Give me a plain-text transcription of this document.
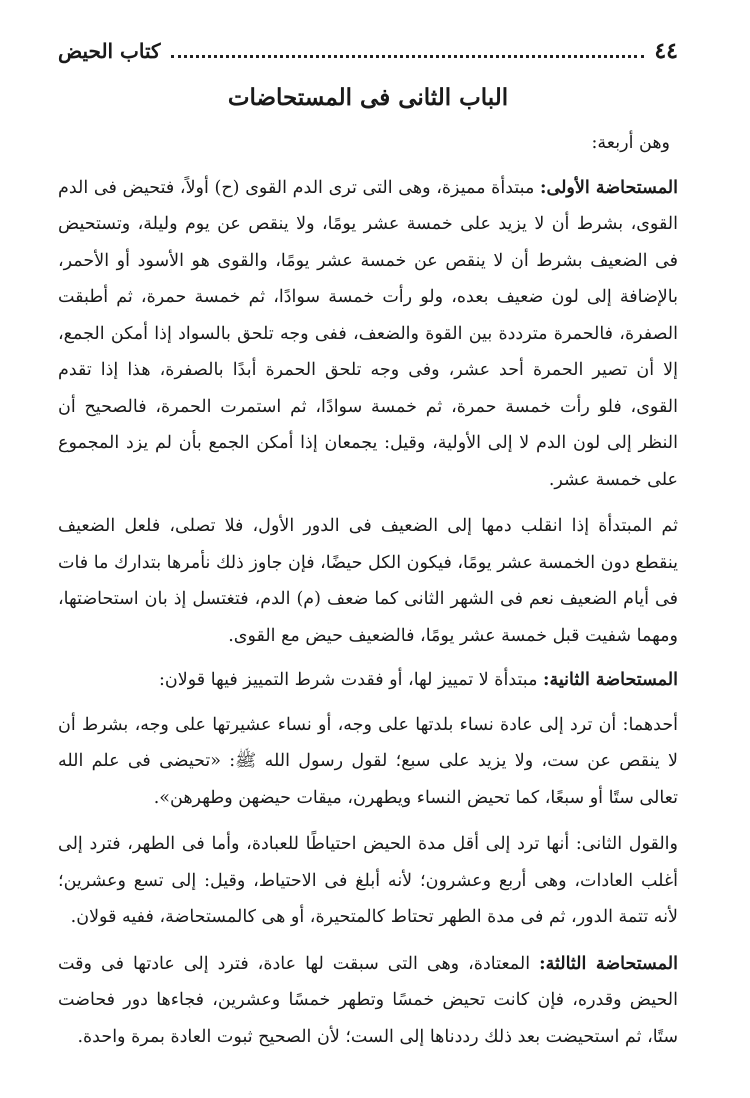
٤٤
كتاب الحيض
الباب الثانى فى المستحاضات

وهن أربعة:

المستحاضة الأولى: مبتدأة مميزة، وهى التى ترى الدم القوى (ح) أولاً، فتحيض فى الدم القوى، بشرط أن لا يزيد على خمسة عشر يومًا، ولا ينقص عن يوم وليلة، وتستحيض فى الضعيف بشرط أن لا ينقص عن خمسة عشر يومًا، والقوى هو الأسود أو الأحمر، بالإضافة إلى لون ضعيف بعده، ولو رأت خمسة سوادًا، ثم خمسة حمرة، ثم أطبقت الصفرة، فالحمرة مترددة بين القوة والضعف، ففى وجه تلحق بالسواد إذا أمكن الجمع، إلا أن تصير الحمرة أحد عشر، وفى وجه تلحق الحمرة أبدًا بالصفرة، هذا إذا تقدم القوى، فلو رأت خمسة حمرة، ثم خمسة سوادًا، ثم استمرت الحمرة، فالصحيح أن النظر إلى لون الدم لا إلى الأولية، وقيل: يجمعان إذا أمكن الجمع بأن لم يزد المجموع على خمسة عشر.

ثم المبتدأة إذا انقلب دمها إلى الضعيف فى الدور الأول، فلا تصلى، فلعل الضعيف ينقطع دون الخمسة عشر يومًا، فيكون الكل حيضًا، فإن جاوز ذلك نأمرها بتدارك ما فات فى أيام الضعيف نعم فى الشهر الثانى كما ضعف (م) الدم، فتغتسل إذ بان استحاضتها، ومهما شفيت قبل خمسة عشر يومًا، فالضعيف حيض مع القوى.

المستحاضة الثانية: مبتدأة لا تمييز لها، أو فقدت شرط التمييز فيها قولان:

أحدهما: أن ترد إلى عادة نساء بلدتها على وجه، أو نساء عشيرتها على وجه، بشرط أن لا ينقص عن ست، ولا يزيد على سبع؛ لقول رسول الله ﷺ: «تحيضى فى علم الله تعالى ستًا أو سبعًا، كما تحيض النساء ويطهرن، ميقات حيضهن وطهرهن».

والقول الثانى: أنها ترد إلى أقل مدة الحيض احتياطًا للعبادة، وأما فى الطهر، فترد إلى أغلب العادات، وهى أربع وعشرون؛ لأنه أبلغ فى الاحتياط، وقيل: إلى تسع وعشرين؛ لأنه تتمة الدور، ثم فى مدة الطهر تحتاط كالمتحيرة، أو هى كالمستحاضة، ففيه قولان.

المستحاضة الثالثة: المعتادة، وهى التى سبقت لها عادة، فترد إلى عادتها فى وقت الحيض وقدره، فإن كانت تحيض خمسًا وتطهر خمسًا وعشرين، فجاءها دور فحاضت ستًا، ثم استحيضت بعد ذلك رددناها إلى الست؛ لأن الصحيح ثبوت العادة بمرة واحدة.
